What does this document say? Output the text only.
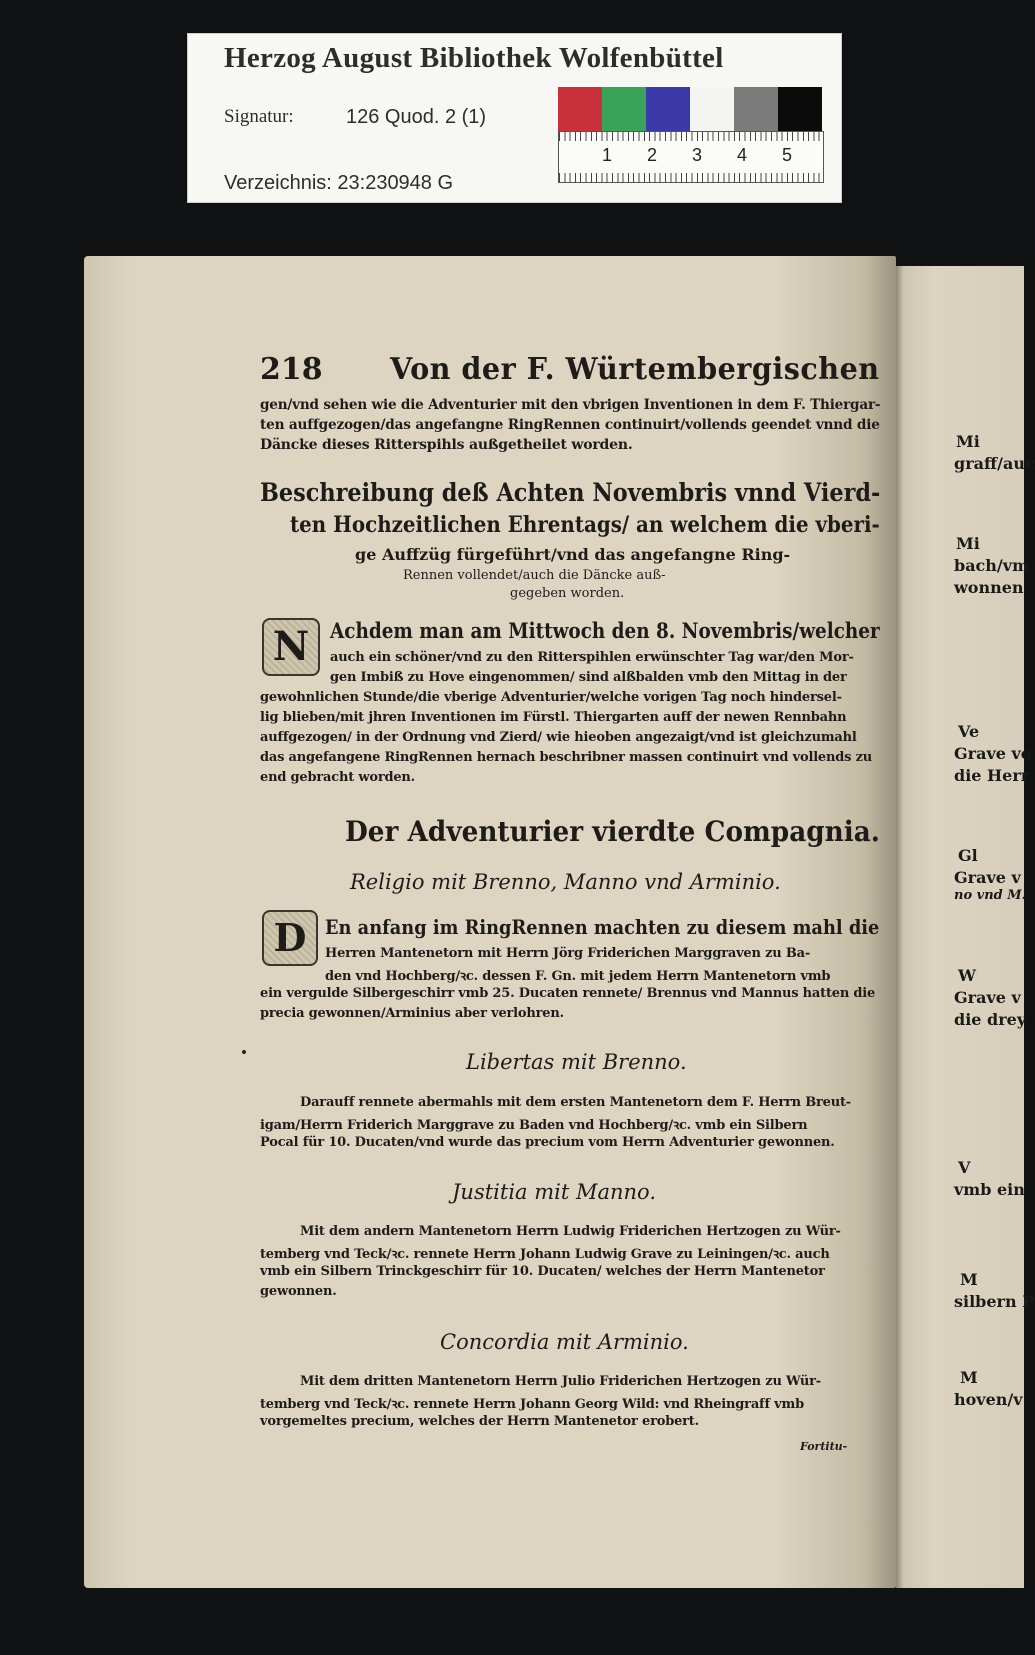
Herzog August Bibliothek Wolfenbüttel
Signatur:	126 Quod. 2 (1)
Verzeichnis: 23:230948 G
1 2 3 4 5
Mi
graff/auc
Mi
bach/vm
wonnen.
Ve
Grave vo
die Herr
Gl
Grave v
no vnd M.
W
Grave v
die drey
V
vmb ein
M
silbern P
M
hoven/v
218 Von der F. Würtembergischen
gen/vnd sehen wie die Adventurier mit den vbrigen Inventionen in dem F. Thiergar-
ten auffgezogen/das angefangne RingRennen continuirt/vollends geendet vnnd die
Däncke dieses Ritterspihls außgetheilet worden.
Beschreibung deß Achten Novembris vnnd Vierd-
ten Hochzeitlichen Ehrentags/ an welchem die vberi-
ge Auffzüg fürgeführt/vnd das angefangne Ring-
Rennen vollendet/auch die Däncke auß-
gegeben worden.
N Achdem man am Mittwoch den 8. Novembris/welcher
auch ein schöner/vnd zu den Ritterspihlen erwünschter Tag war/den Mor-
gen Imbiß zu Hove eingenommen/ sind alßbalden vmb den Mittag in der
gewohnlichen Stunde/die vberige Adventurier/welche vorigen Tag noch hindersel-
lig blieben/mit jhren Inventionen im Fürstl. Thiergarten auff der newen Rennbahn
auffgezogen/ in der Ordnung vnd Zierd/ wie hieoben angezaigt/vnd ist gleichzumahl
das angefangene RingRennen hernach beschribner massen continuirt vnd vollends zu
end gebracht worden.
Der Adventurier vierdte Compagnia.
Religio mit Brenno, Manno vnd Arminio.
D En anfang im RingRennen machten zu diesem mahl die
Herren Mantenetorn mit Herrn Jörg Friderichen Marggraven zu Ba-
den vnd Hochberg/ꝛc. dessen F. Gn. mit jedem Herrn Mantenetorn vmb
ein vergulde Silbergeschirr vmb 25. Ducaten rennete/ Brennus vnd Mannus hatten die
precia gewonnen/Arminius aber verlohren.
Libertas mit Brenno.
Darauff rennete abermahls mit dem ersten Mantenetorn dem F. Herrn Breut-
igam/Herrn Friderich Marggrave zu Baden vnd Hochberg/ꝛc. vmb ein Silbern
Pocal für 10. Ducaten/vnd wurde das precium vom Herrn Adventurier gewonnen.
Justitia mit Manno.
Mit dem andern Mantenetorn Herrn Ludwig Friderichen Hertzogen zu Wür-
temberg vnd Teck/ꝛc. rennete Herrn Johann Ludwig Grave zu Leiningen/ꝛc. auch
vmb ein Silbern Trinckgeschirr für 10. Ducaten/ welches der Herrn Mantenetor
gewonnen.
Concordia mit Arminio.
Mit dem dritten Mantenetorn Herrn Julio Friderichen Hertzogen zu Wür-
temberg vnd Teck/ꝛc. rennete Herrn Johann Georg Wild: vnd Rheingraff vmb
vorgemeltes precium, welches der Herrn Mantenetor erobert.
Fortitu-
